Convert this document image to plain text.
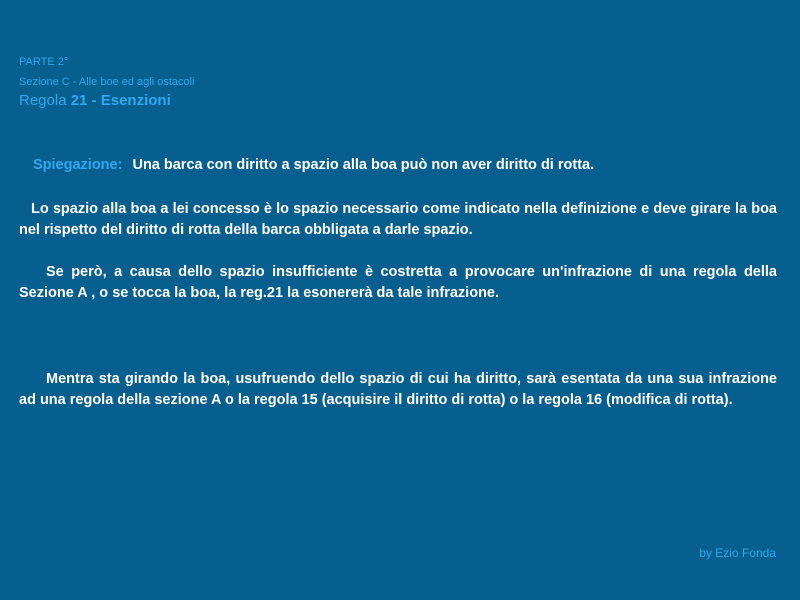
PARTE 2°

Sezione C - Alle boe ed agli ostacoli

Regola 21 - Esenzioni

Spiegazione: Una barca con diritto a spazio alla boa può non aver diritto di rotta.
Lo spazio alla boa a lei concesso è lo spazio necessario come indicato nella definizione e deve girare la boa nel rispetto del diritto di rotta della barca obbligata a darle spazio.
Se però, a causa dello spazio insufficiente è costretta a provocare un'infrazione di una regola della Sezione A , o se tocca la boa, la reg.21 la esonererà da tale infrazione.
Mentra sta girando la boa, usufruendo dello spazio di cui ha diritto, sarà esentata da una sua infrazione ad una regola della sezione A o la regola 15 (acquisire il diritto di rotta) o la regola 16 (modifica di rotta).
by Ezio Fonda
